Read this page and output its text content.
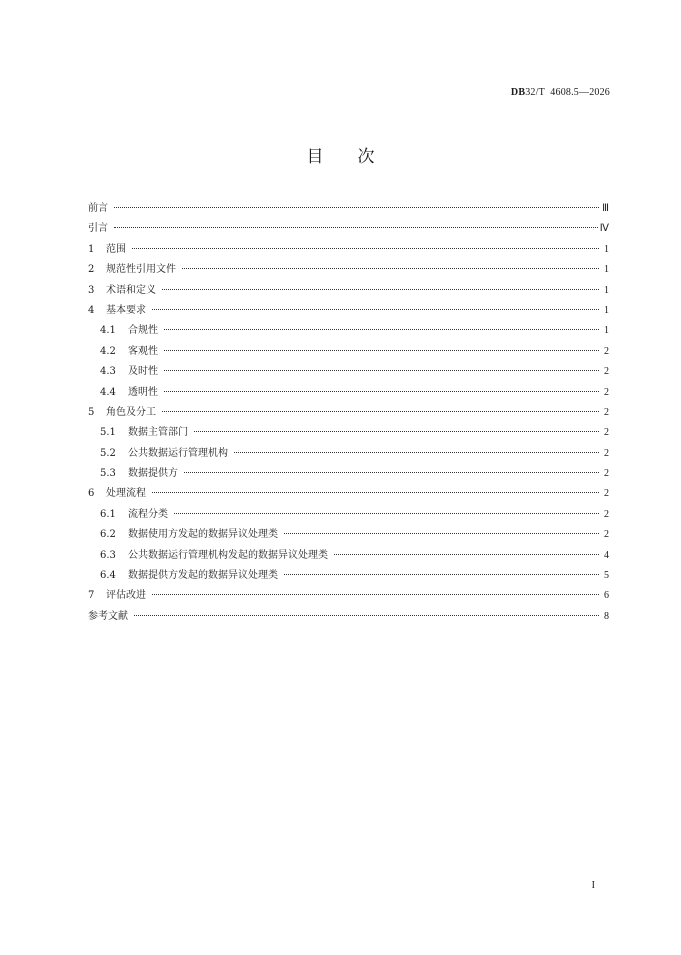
DB32/T 4608.5—2026
目次
前言	Ⅲ
引言	Ⅳ
1	范围	1
2	规范性引用文件	1
3	术语和定义	1
4	基本要求	1
4.1	合规性	1
4.2	客观性	2
4.3	及时性	2
4.4	透明性	2
5	角色及分工	2
5.1	数据主管部门	2
5.2	公共数据运行管理机构	2
5.3	数据提供方	2
6	处理流程	2
6.1	流程分类	2
6.2	数据使用方发起的数据异议处理类	2
6.3	公共数据运行管理机构发起的数据异议处理类	4
6.4	数据提供方发起的数据异议处理类	5
7	评估改进	6
参考文献	8
I
